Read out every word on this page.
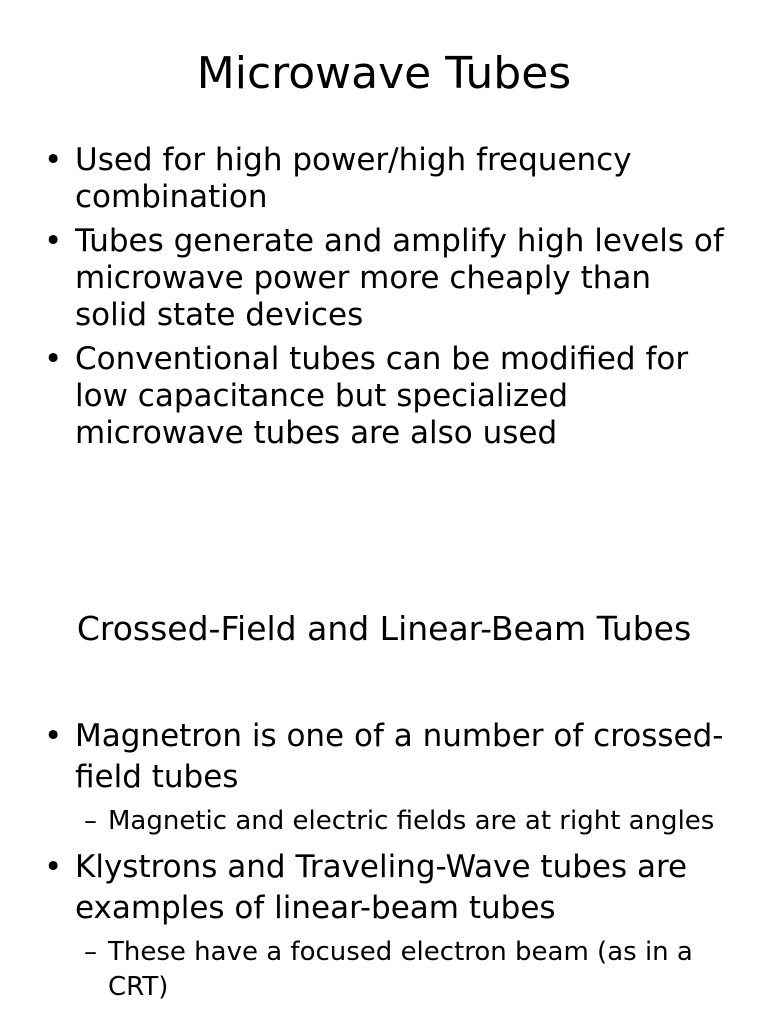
Microwave Tubes
• Used for high power/high frequency combination
• Tubes generate and amplify high levels of microwave power more cheaply than solid state devices
• Conventional tubes can be modified for low capacitance but specialized microwave tubes are also used
Crossed-Field and Linear-Beam Tubes
• Magnetron is one of a number of crossed-field tubes
– Magnetic and electric fields are at right angles
• Klystrons and Traveling-Wave tubes are examples of linear-beam tubes
– These have a focused electron beam (as in a CRT)
